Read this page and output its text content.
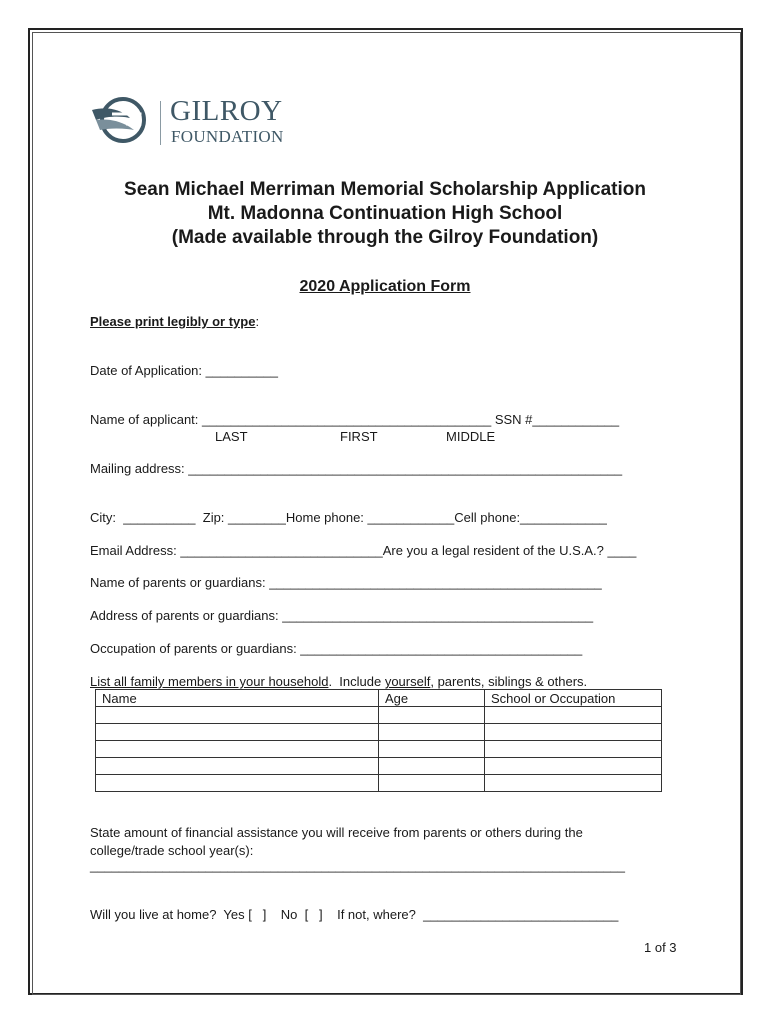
GILROY
FOUNDATION
Sean Michael Merriman Memorial Scholarship Application
Mt. Madonna Continuation High School
(Made available through the Gilroy Foundation)
2020 Application Form
Please print legibly or type:
Date of Application: __________
Name of applicant: ________________________________________ SSN #____________
LAST	FIRST	MIDDLE
Mailing address: ____________________________________________________________
City:  __________  Zip: ________Home phone: ____________Cell phone:____________
Email Address: ____________________________Are you a legal resident of the U.S.A.? ____
Name of parents or guardians: ______________________________________________
Address of parents or guardians: ___________________________________________
Occupation of parents or guardians: _______________________________________
List all family members in your household.  Include yourself, parents, siblings & others.
Name	Age	School or Occupation

State amount of financial assistance you will receive from parents or others during the
college/trade school year(s):
__________________________________________________________________________
Will you live at home?  Yes [   ]    No  [   ]    If not, where?  ___________________________
1 of 3
